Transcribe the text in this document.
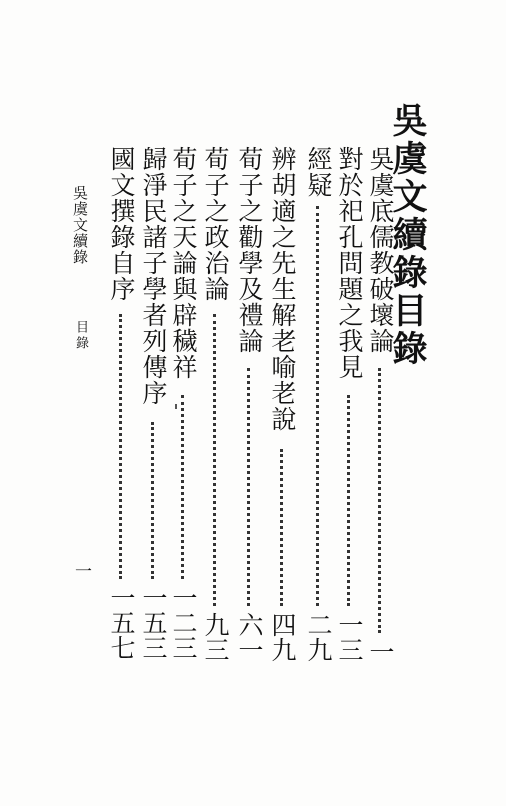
吳虞文續錄目錄
吳虞底儒教破壞論
一
對於祀孔問題之我見
一三
經疑
二九
辨胡適之先生解老喻老說
四九
荀子之勸學及禮論
六一
荀子之政治論
九三
荀子之天論與辟穢祥
一二三
歸淨民諸子學者列傳序
一五三
國文撰錄自序
一五七
吳虞文續錄
目錄
一
